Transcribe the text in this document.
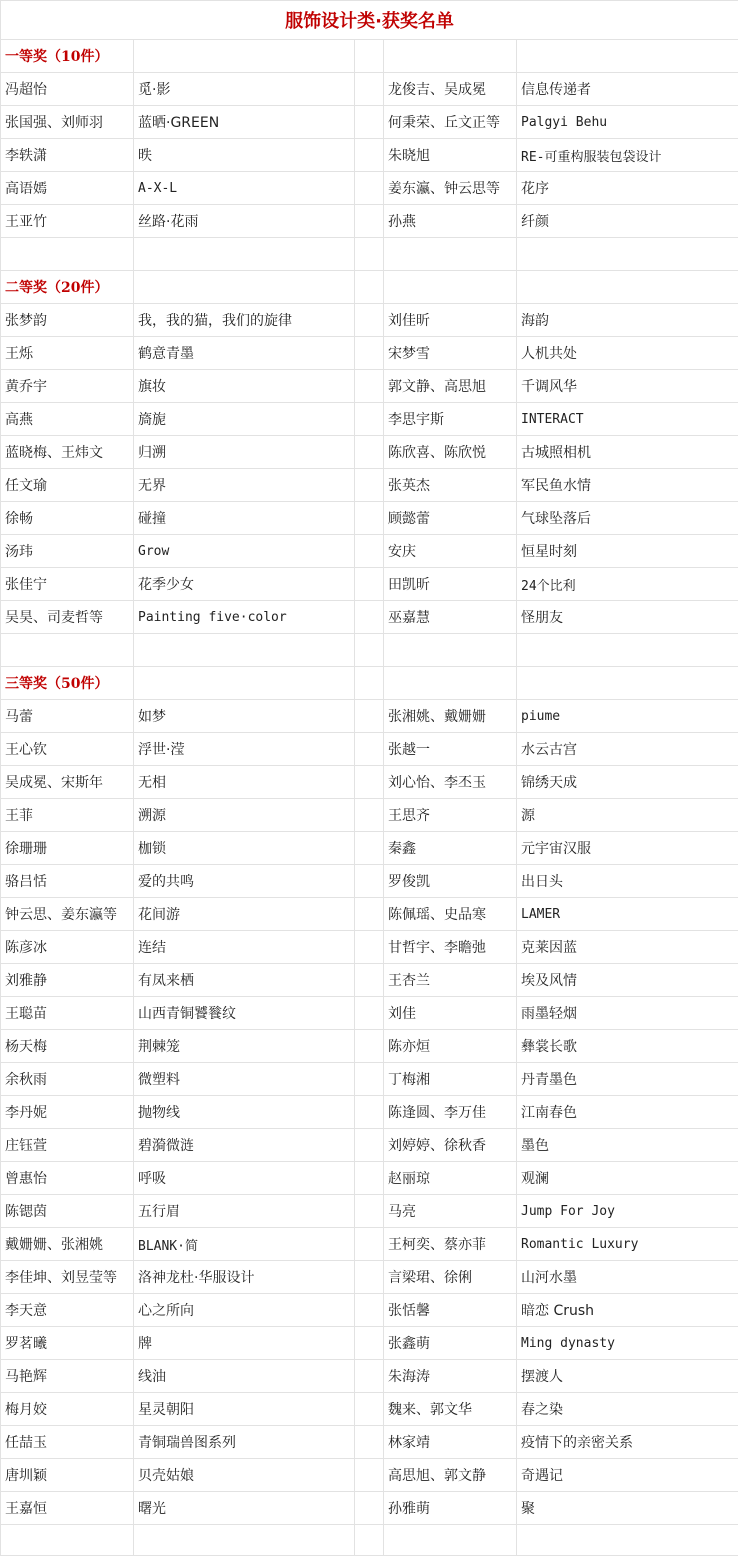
服饰设计类·获奖名单				
一等奖（10件）				
冯超怡	觅·影		龙俊吉、吴成冕	信息传递者
张国强、刘师羽	蓝晒·GREEN		何秉荣、丘文正等	Palgyi Behu
李轶潇	昳		朱晓旭	RE-可重构服装包袋设计
高语嫣	A-X-L		姜东瀛、钟云思等	花序
王亚竹	丝路·花雨		孙燕	纤颜

二等奖（20件）				
张梦韵	我，我的猫，我们的旋律		刘佳昕	海韵
王烁	鹤意青墨		宋梦雪	人机共处
黄乔宇	旗妆		郭文静、高思旭	千调风华
高燕	旖旎		李思宇斯	INTERACT
蓝晓梅、王炜文	归溯		陈欣喜、陈欣悦	古城照相机
任文瑜	无界		张英杰	军民鱼水情
徐畅	碰撞		顾懿蕾	气球坠落后
汤玮	Grow		安庆	恒星时刻
张佳宁	花季少女		田凯昕	24个比利
吴昊、司麦哲等	Painting five·color		巫嘉慧	怪朋友

三等奖（50件）				
马蕾	如梦		张湘姚、戴姗姗	piume
王心钦	浮世·滢		张越一	水云古宫
吴成冕、宋斯年	无相		刘心怡、李丕玉	锦绣天成
王菲	溯源		王思齐	源
徐珊珊	枷锁		秦鑫	元宇宙汉服
骆吕恬	爱的共鸣		罗俊凯	出日头
钟云思、姜东瀛等	花间游		陈佩瑶、史品寒	LAMER
陈彦冰	连结		甘哲宇、李瞻弛	克莱因蓝
刘雅静	有凤来栖		王杏兰	埃及风情
王聪苗	山西青铜饕餮纹		刘佳	雨墨轻烟
杨天梅	荆棘笼		陈亦烜	彝裳长歌
余秋雨	微塑料		丁梅湘	丹青墨色
李丹妮	抛物线		陈逢圆、李万佳	江南春色
庄钰萱	碧漪微涟		刘婷婷、徐秋香	墨色
曾惠怡	呼吸		赵丽琼	观澜
陈锶茵	五行眉		马亮	Jump For Joy
戴姗姗、张湘姚	BLANK·简		王柯奕、蔡亦菲	Romantic Luxury
李佳坤、刘昱莹等	洛神龙杜·华服设计		言梁珺、徐俐	山河水墨
李天意	心之所向		张恬馨	暗恋 Crush
罗茗曦	牌		张鑫萌	Ming dynasty
马艳辉	线油		朱海涛	摆渡人
梅月姣	星灵朝阳		魏来、郭文华	春之染
任喆玉	青铜瑞兽图系列		林家靖	疫情下的亲密关系
唐圳颖	贝壳姑娘		高思旭、郭文静	奇遇记
王嘉恒	曙光		孙雅萌	聚
